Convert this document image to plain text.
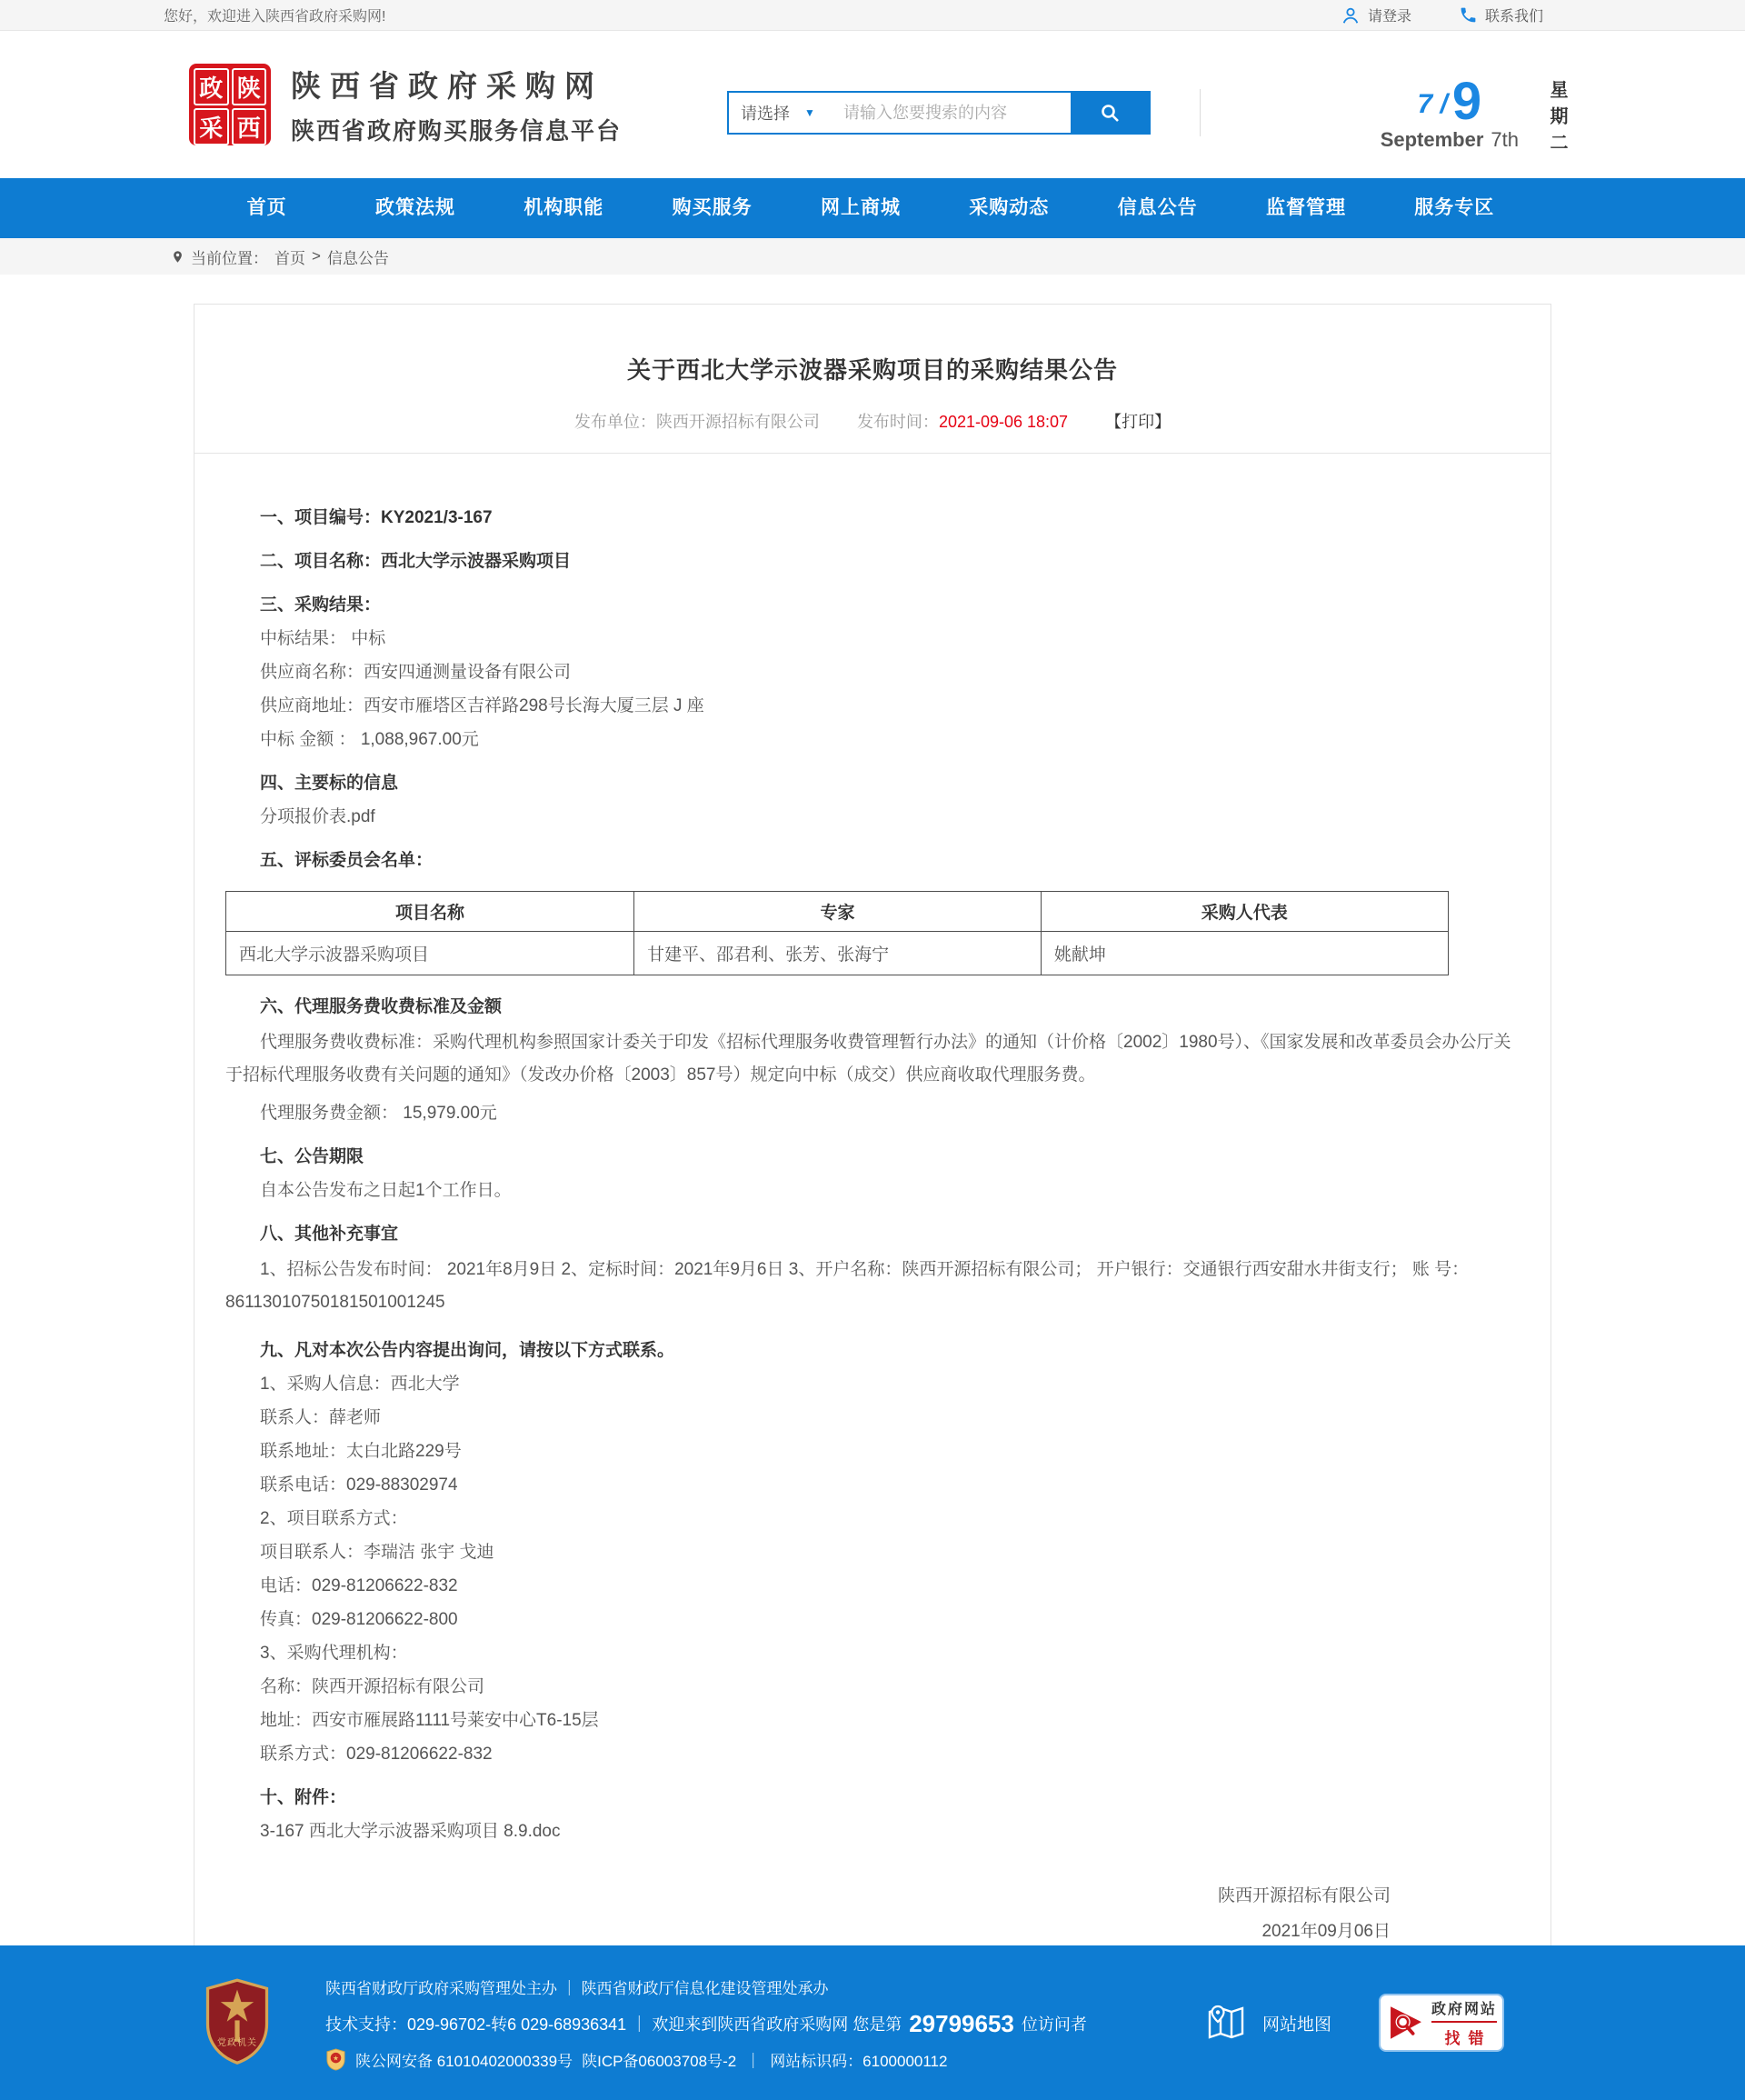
您好，欢迎进入陕西省政府采购网!	请登录	联系我们
政 陕
采 西
陕西省政府采购网
陕西省政府购买服务信息平台
请选择 ▼
请输入您要搜索的内容	7 / 9
September 7th 星期二
首页	政策法规	机构职能	购买服务	网上商城	采购动态	信息公告	监督管理	服务专区
当前位置： 首页 > 信息公告
关于西北大学示波器采购项目的采购结果公告
发布单位：陕西开源招标有限公司 发布时间：2021-09-06 18:07 【打印】

一、项目编号：KY2021/3-167

二、项目名称：西北大学示波器采购项目

三、采购结果：

中标结果： 中标

供应商名称：西安四通测量设备有限公司

供应商地址：西安市雁塔区吉祥路298号长海大厦三层 J 座

中标 金额 ： 1,088,967.00元

四、主要标的信息

分项报价表.pdf

五、评标委员会名单：

项目名称	专家	采购人代表
西北大学示波器采购项目	甘建平、邵君利、张芳、张海宁	姚献坤

六、代理服务费收费标准及金额

代理服务费收费标准：采购代理机构参照国家计委关于印发《招标代理服务收费管理暂行办法》的通知（计价格〔2002〕1980号）、《国家发展和改革委员会办公厅关于招标代理服务收费有关问题的通知》（发改办价格〔2003〕857号）规定向中标（成交）供应商收取代理服务费。

代理服务费金额： 15,979.00元

七、公告期限

自本公告发布之日起1个工作日。

八、其他补充事宜

1、招标公告发布时间： 2021年8月9日 2、定标时间：2021年9月6日 3、开户名称：陕西开源招标有限公司； 开户银行：交通银行西安甜水井街支行； 账 号：86113010750181501001245

九、凡对本次公告内容提出询问，请按以下方式联系。

1、采购人信息：西北大学

联系人：薛老师

联系地址：太白北路229号

联系电话：029-88302974

2、项目联系方式：

项目联系人：李瑞洁 张宇 戈迪

电话：029-81206622-832

传真：029-81206622-800

3、采购代理机构：

名称：陕西开源招标有限公司

地址：西安市雁展路1111号莱安中心T6-15层

联系方式：029-81206622-832

十、附件：

3-167 西北大学示波器采购项目 8.9.doc

陕西开源招标有限公司
2021年09月06日
党政机关
陕西省财政厅政府采购管理处主办 ｜ 陕西省财政厅信息化建设管理处承办
技术支持：029-96702-转6 029-68936341 ｜ 欢迎来到陕西省政府采购网 您是第 29799653 位访问者
陕公网安备 61010402000339号 陕ICP备06003708号-2 ｜ 网站标识码：6100000112
网站地图
政府网站
找错
